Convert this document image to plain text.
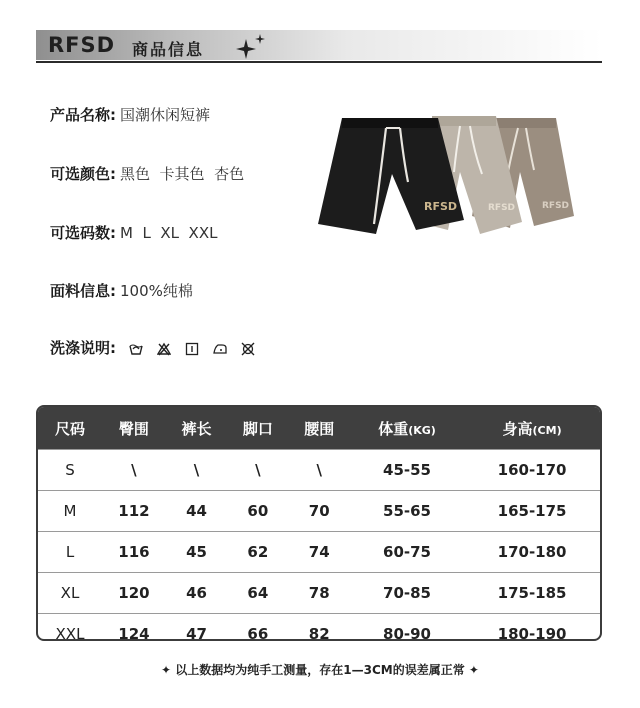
RFSD 商品信息
产品名称: 国潮休闲短裤
可选颜色: 黑色  卡其色  杏色
可选码数: M  L  XL  XXL
面料信息: 100%纯棉
洗涤说明:
RFSD
RFSD
RFSD
尺码	臀围	裤长	脚口	腰围	体重(KG)	身高(CM)
S	\	\	\	\	45-55	160-170
M	112	44	60	70	55-65	165-175
L	116	45	62	74	60-75	170-180
XL	120	46	64	78	70-85	175-185
XXL	124	47	66	82	80-90	180-190
✦ 以上数据均为纯手工测量，存在1—3CM的误差属正常 ✦
